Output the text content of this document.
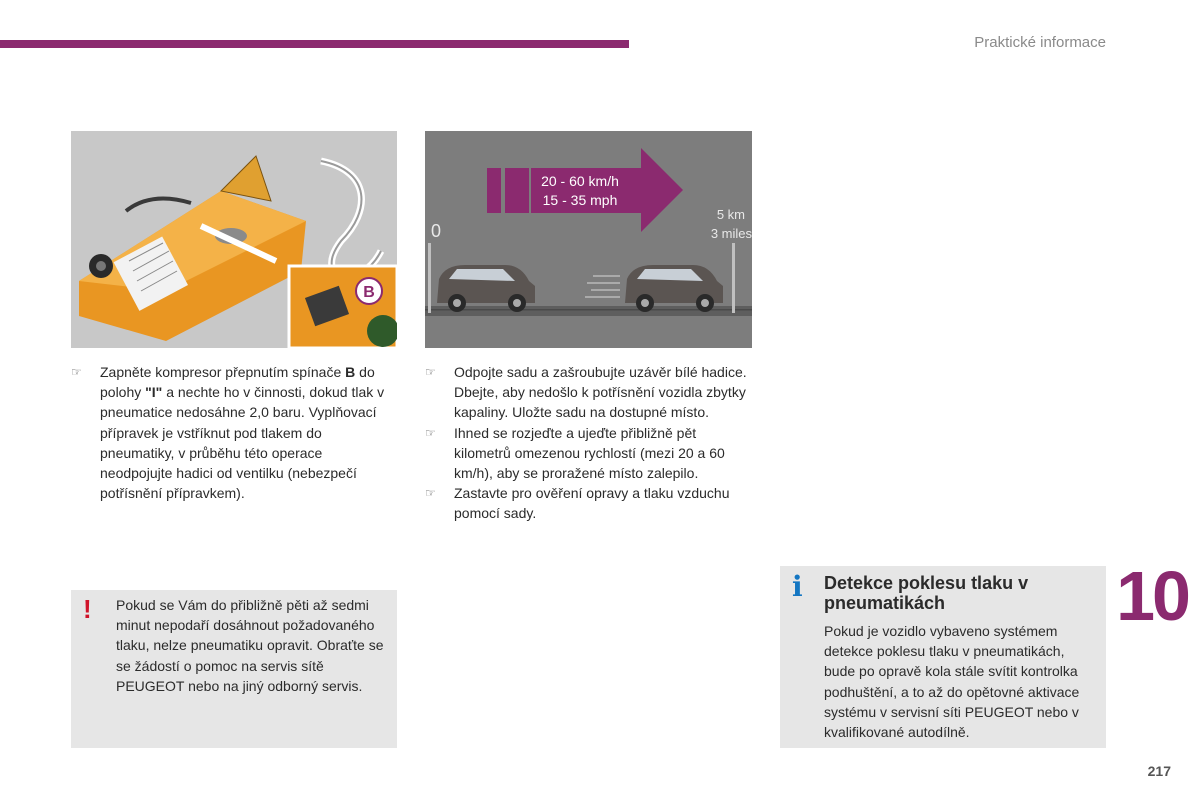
Praktické informace
B
20 - 60 km/h
15 - 35 mph
0
5 km
3 miles
☞ Zapněte kompresor přepnutím spínače B do polohy "I" a nechte ho v činnosti, dokud tlak v pneumatice nedosáhne 2,0 baru. Vyplňovací přípravek je vstříknut pod tlakem do pneumatiky, v průběhu této operace neodpojujte hadici od ventilku (nebezpečí potřísnění přípravkem).
☞ Odpojte sadu a zašroubujte uzávěr bílé hadice.
Dbejte, aby nedošlo k potřísnění vozidla zbytky kapaliny. Uložte sadu na dostupné místo.
☞ Ihned se rozjeďte a ujeďte přibližně pět kilometrů omezenou rychlostí (mezi 20 a 60 km/h), aby se proražené místo zalepilo.
☞ Zastavte pro ověření opravy a tlaku vzduchu pomocí sady.
! Pokud se Vám do přibližně pěti až sedmi minut nepodaří dosáhnout požadovaného tlaku, nelze pneumatiku opravit. Obraťte se se žádostí o pomoc na servis sítě PEUGEOT nebo na jiný odborný servis.
i Detekce poklesu tlaku v pneumatikách
Pokud je vozidlo vybaveno systémem detekce poklesu tlaku v pneumatikách, bude po opravě kola stále svítit kontrolka podhuštění, a to až do opětovné aktivace systému v servisní síti PEUGEOT nebo v kvalifikované autodílně.
10
217
